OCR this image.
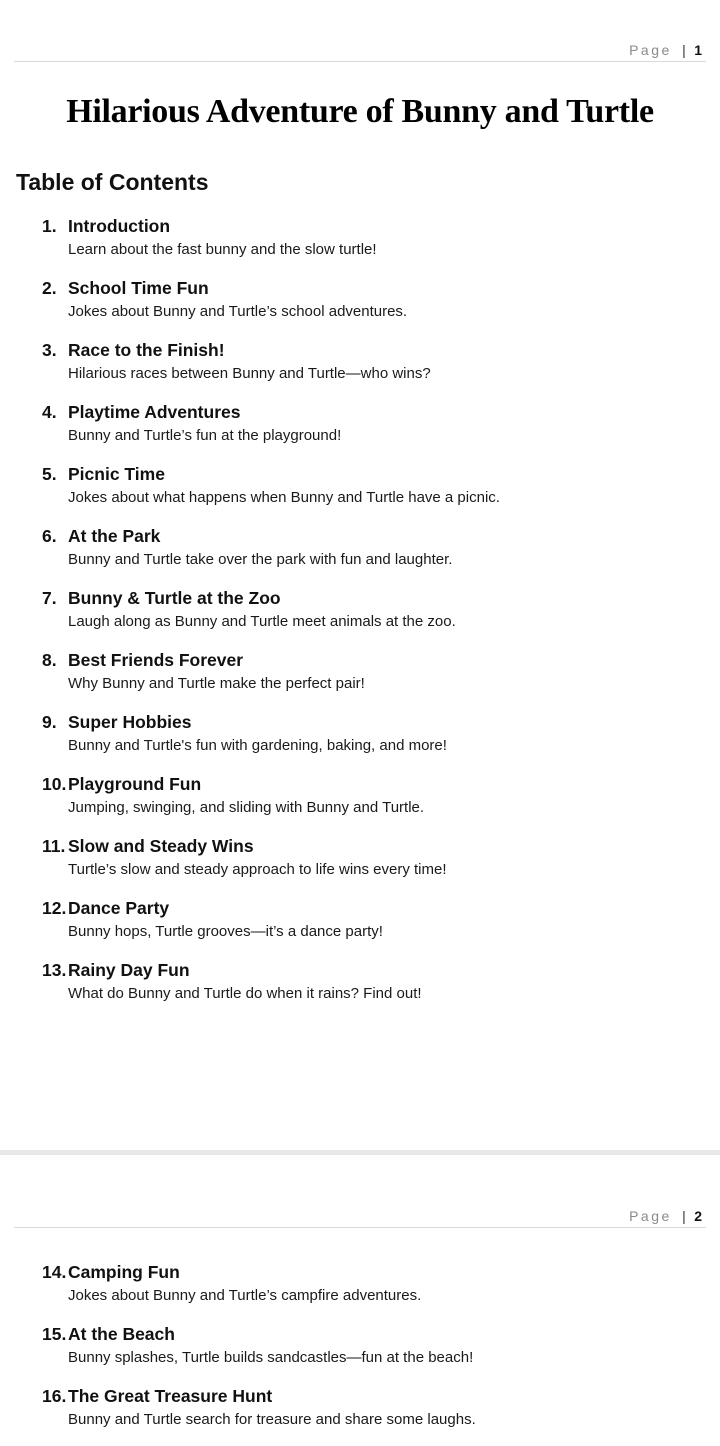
Page | 1
Hilarious Adventure of Bunny and Turtle
Table of Contents
1. Introduction
Learn about the fast bunny and the slow turtle!
2. School Time Fun
Jokes about Bunny and Turtle’s school adventures.
3. Race to the Finish!
Hilarious races between Bunny and Turtle—who wins?
4. Playtime Adventures
Bunny and Turtle’s fun at the playground!
5. Picnic Time
Jokes about what happens when Bunny and Turtle have a picnic.
6. At the Park
Bunny and Turtle take over the park with fun and laughter.
7. Bunny & Turtle at the Zoo
Laugh along as Bunny and Turtle meet animals at the zoo.
8. Best Friends Forever
Why Bunny and Turtle make the perfect pair!
9. Super Hobbies
Bunny and Turtle's fun with gardening, baking, and more!
10. Playground Fun
Jumping, swinging, and sliding with Bunny and Turtle.
11. Slow and Steady Wins
Turtle’s slow and steady approach to life wins every time!
12. Dance Party
Bunny hops, Turtle grooves—it’s a dance party!
13. Rainy Day Fun
What do Bunny and Turtle do when it rains? Find out!
Page | 2
14. Camping Fun
Jokes about Bunny and Turtle’s campfire adventures.
15. At the Beach
Bunny splashes, Turtle builds sandcastles—fun at the beach!
16. The Great Treasure Hunt
Bunny and Turtle search for treasure and share some laughs.
